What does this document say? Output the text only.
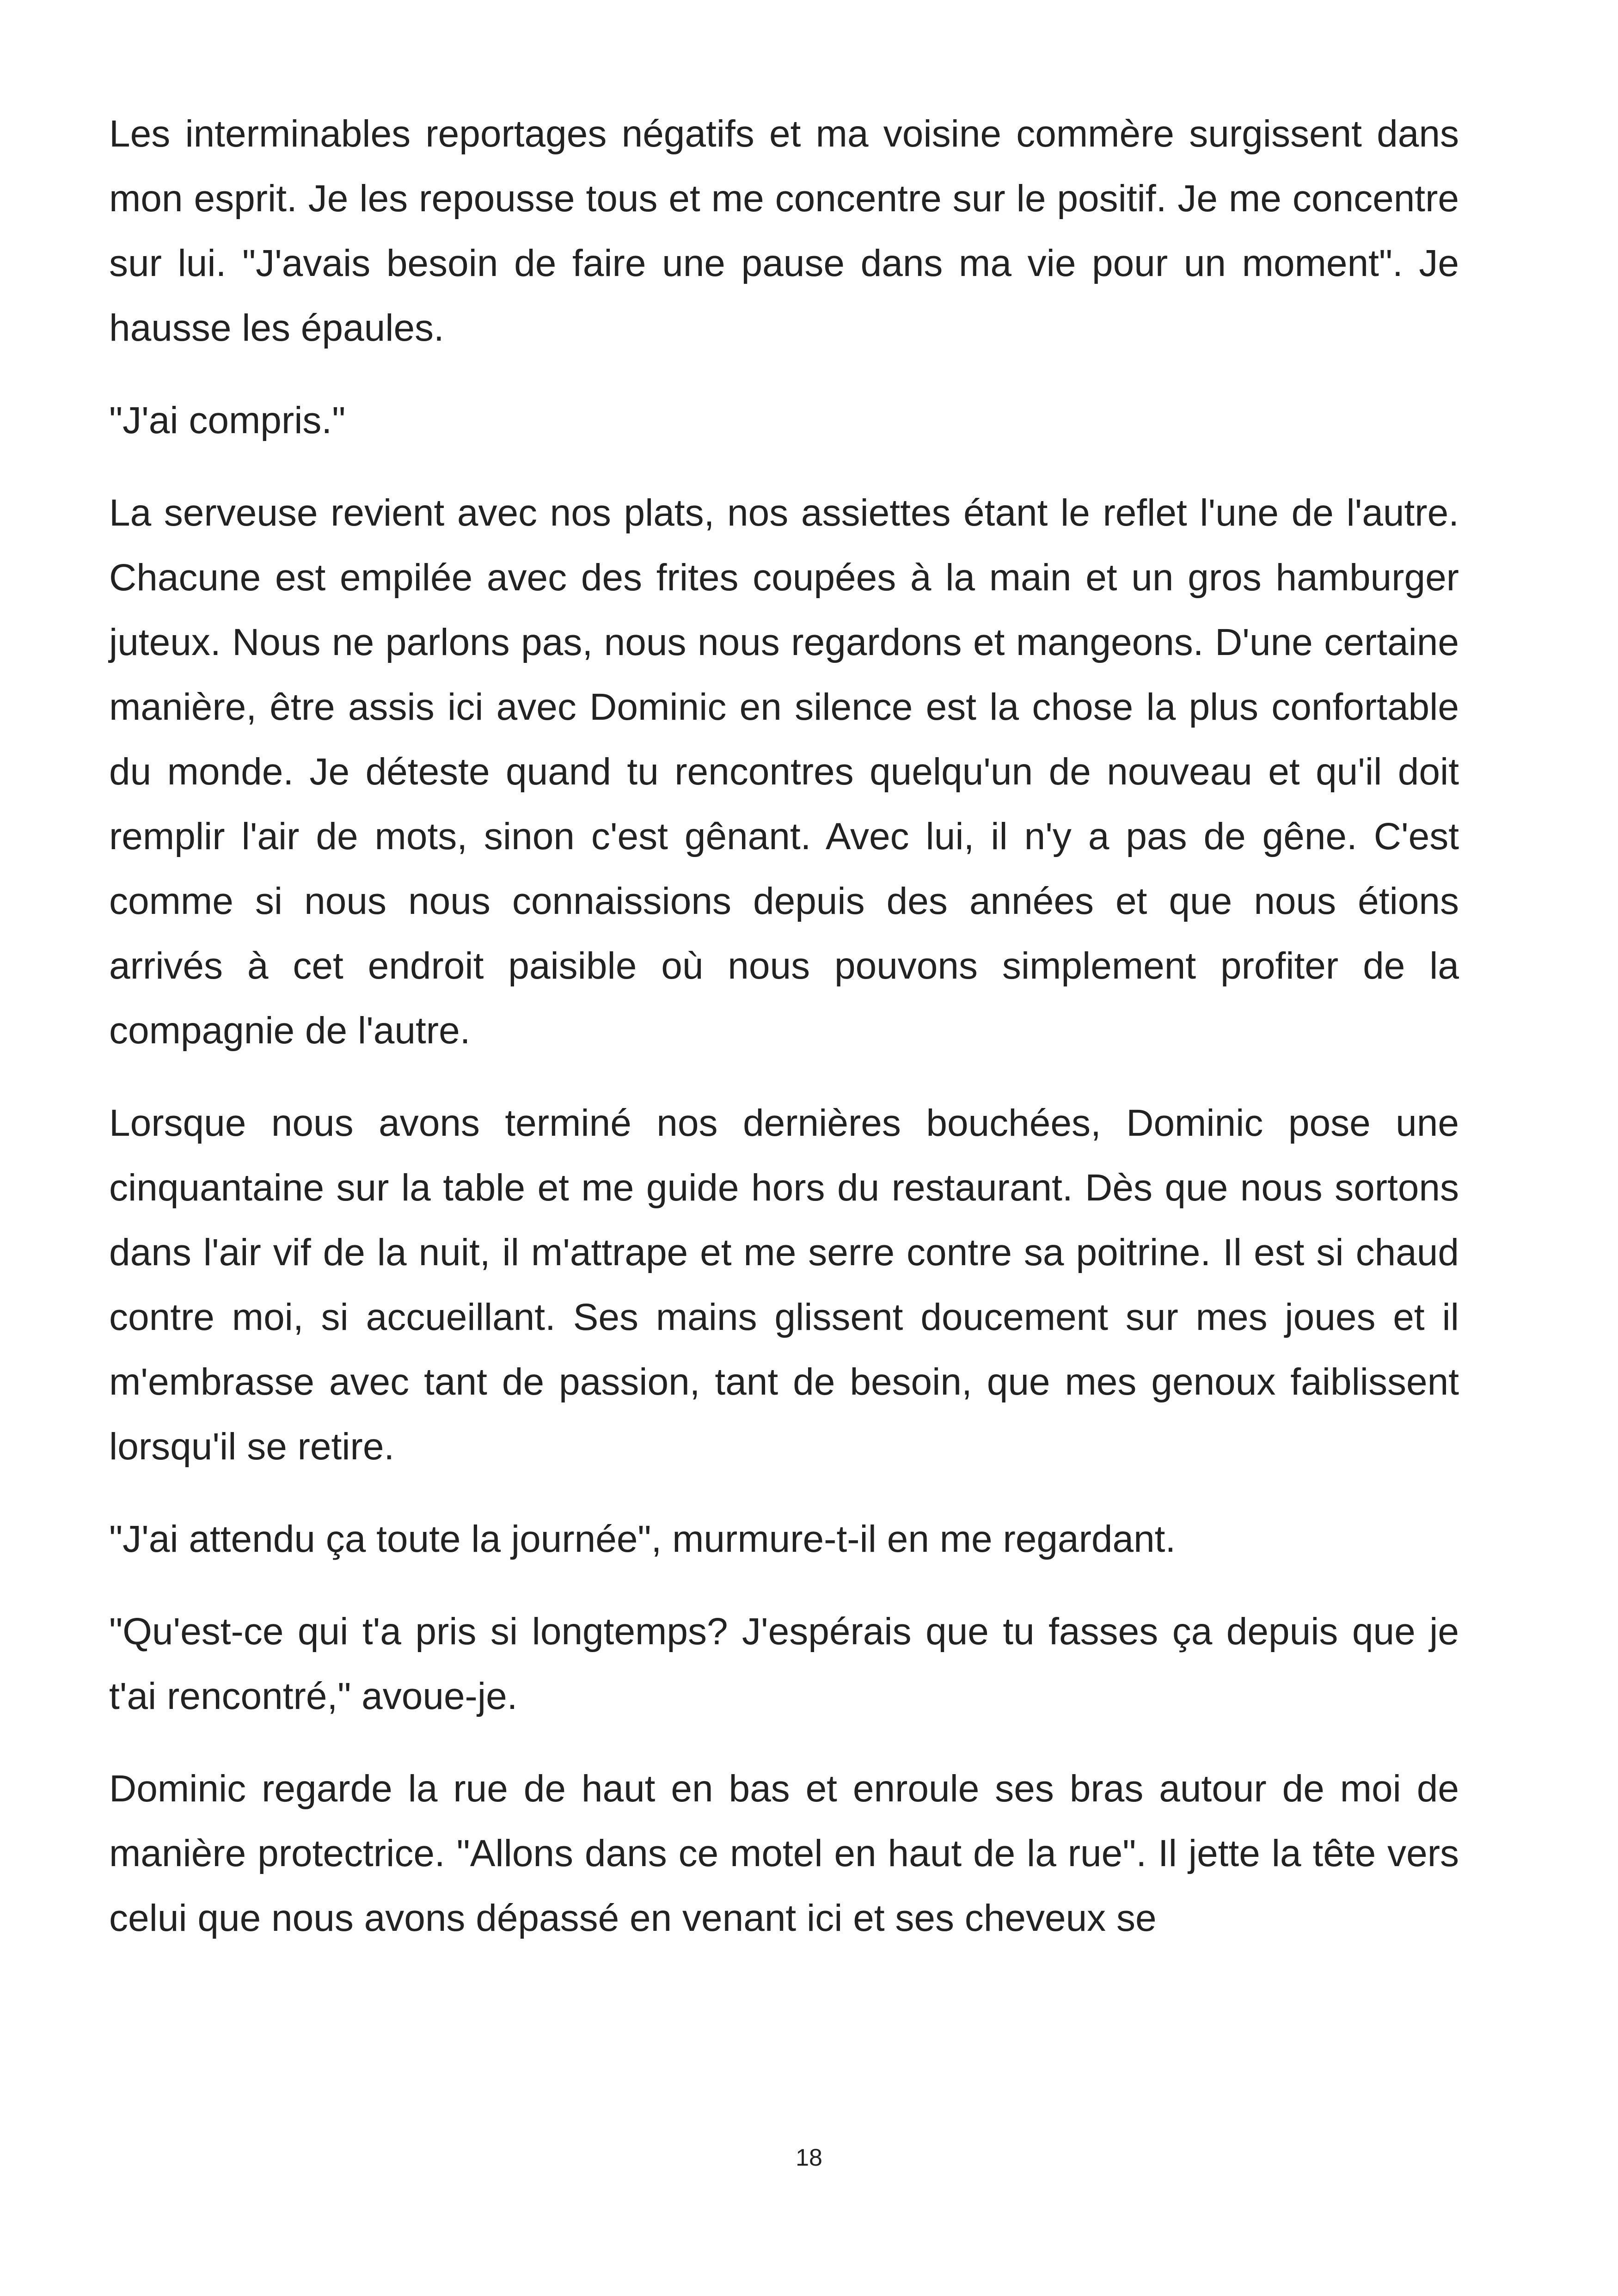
Les interminables reportages négatifs et ma voisine commère surgissent dans mon esprit. Je les repousse tous et me concentre sur le positif. Je me concentre sur lui. "J'avais besoin de faire une pause dans ma vie pour un moment". Je hausse les épaules.

"J'ai compris."

La serveuse revient avec nos plats, nos assiettes étant le reflet l'une de l'autre. Chacune est empilée avec des frites coupées à la main et un gros hamburger juteux. Nous ne parlons pas, nous nous regardons et mangeons. D'une certaine manière, être assis ici avec Dominic en silence est la chose la plus confortable du monde. Je déteste quand tu rencontres quelqu'un de nouveau et qu'il doit remplir l'air de mots, sinon c'est gênant. Avec lui, il n'y a pas de gêne. C'est comme si nous nous connaissions depuis des années et que nous étions arrivés à cet endroit paisible où nous pouvons simplement profiter de la compagnie de l'autre.

Lorsque nous avons terminé nos dernières bouchées, Dominic pose une cinquantaine sur la table et me guide hors du restaurant. Dès que nous sortons dans l'air vif de la nuit, il m'attrape et me serre contre sa poitrine. Il est si chaud contre moi, si accueillant. Ses mains glissent doucement sur mes joues et il m'embrasse avec tant de passion, tant de besoin, que mes genoux faiblissent lorsqu'il se retire.

"J'ai attendu ça toute la journée", murmure-t-il en me regardant.

"Qu'est-ce qui t'a pris si longtemps? J'espérais que tu fasses ça depuis que je t'ai rencontré," avoue-je.

Dominic regarde la rue de haut en bas et enroule ses bras autour de moi de manière protectrice. "Allons dans ce motel en haut de la rue". Il jette la tête vers celui que nous avons dépassé en venant ici et ses cheveux se

18
